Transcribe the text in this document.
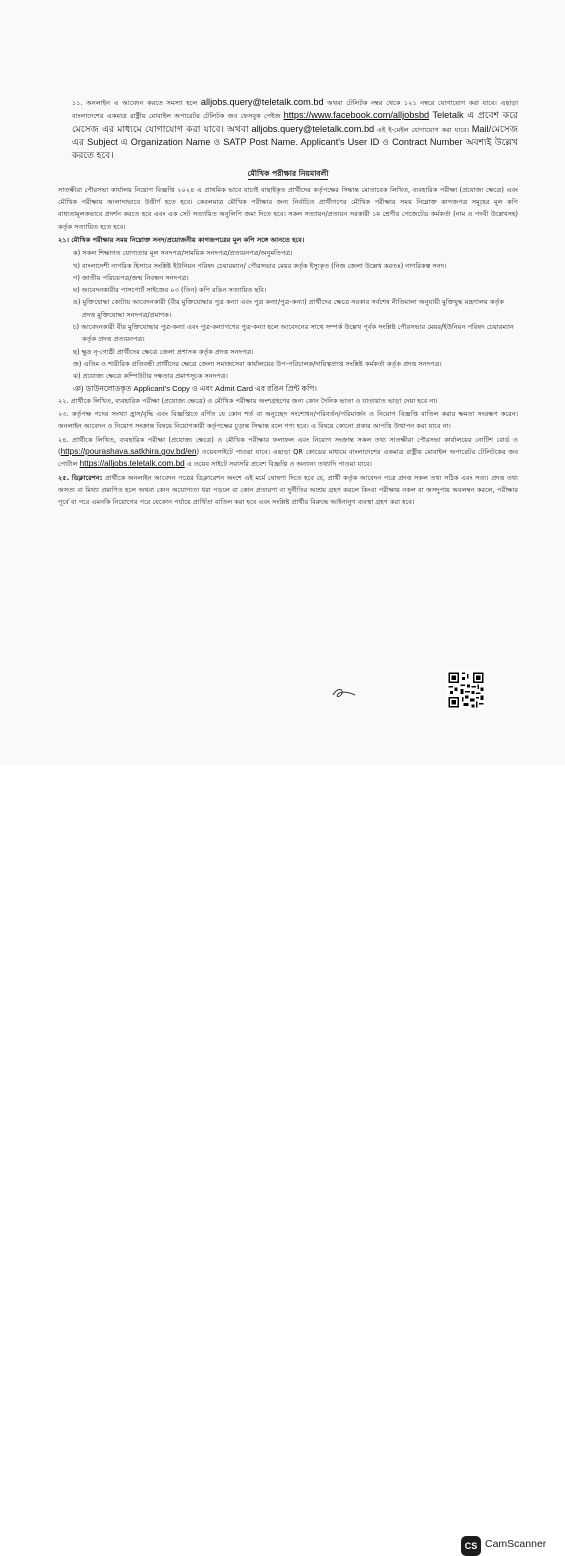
১১. অনলাইন এ আবেদন করতে সমস্যা হলে alljobs.query@teletalk.com.bd অথবা টেলিটক নম্বর থেকে ১২১ নম্বরে যোগাযোগ করা যাবে। এছাড়া বাংলাদেশের একমাত্র রাষ্ট্রীয় মোবাইল অপারেটর টেলিটক জব ফেসবুক পেইজ https://www.facebook.com/alljobsbd Teletalk এ প্রবেশ করে মেসেজ এর মাধ্যমে যোগাযোগ করা যাবে। অথবা alljobs.query@teletalk.com.bd এই ই-মেইল যোগাযোগ করা যাবে। Mail/মেসেজ এর Subject এ Organization Name ও SATP Post Name. Applicant's User ID ও Contract Number অবশ্যই উল্লেখ করতে হবে।

মৌখিক পরীক্ষার নিয়মাবলী

সাতক্ষীরা পৌরসভা কার্যালয় নিয়োগ বিজ্ঞপ্তি ২০২৪ এ প্রাথমিক ভাবে যাচাই বাছাইকৃত প্রার্থীদের কর্তৃপক্ষের সিদ্ধান্ত মোতাবেক লিখিত, ব্যবহারিক পরীক্ষা (প্রযোজ্য ক্ষেত্রে) এবং মৌখিক পরীক্ষায় আলাদাভাবে উত্তীর্ণ হতে হবে। কেবলমাত্র মৌখিক পরীক্ষার জন্য নির্বাচিত প্রার্থীগণের মৌখিক পরীক্ষার সময় নিম্নোক্ত কাগজপত্র সমূহের মূল কপি বাধ্যতামূলকভাবে প্রদর্শন করতে হবে এবং এক সেট সত্যায়িত অনুলিপি জমা দিতে হবে। সকল সত্যায়ন/প্রত্যয়ন সরকারী ১ম শ্রেণীর গেজেটেড কর্মকর্তা (নাম ও পদবী উল্লেখসহ) কর্তৃক সত্যায়িত হতে হবে।

২১। মৌখিক পরীক্ষার সময় নিম্নোক্ত সনদ/প্রয়োজনীয় কাগজপত্রের মূল কপি সঙ্গে আনতে হবে।

ক) সকল শিক্ষাগত যোগ্যতার মূল সনদপত্র/সাময়িক সনদপত্র/প্রত্যয়নপত্র/অনুমতিপত্র।

খ) বাংলাদেশী নাগরিক হিসাবে সংশ্লিষ্ট ইউনিয়ন পরিষদ চেয়ারম্যান/ পৌরসভার মেয়র কর্তৃক ইস্যুকৃত (নিজ জেলা উল্লেখ করতঃ) নাগরিকত্ব সনদ।

গ) জাতীয় পরিচয়পত্র/জন্ম নিবন্ধন সনদপত্র।

ঘ) আবেদনকারীর পাসপোর্ট সাইজের ০৩ (তিন) কপি রঙিন সত্যায়িত ছবি।

ঙ) মুক্তিযোদ্ধা কোটায় আবেদনকারী (বীর মুক্তিযোদ্ধার পুত্র কন্যা এবং পুত্র কন্যা/পুত্র-কন্যা) প্রার্থীদের ক্ষেত্রে সরকার সর্বশেষ নীতিমালা অনুযায়ী মুক্তিযুদ্ধ মন্ত্রণালয় কর্তৃক প্রদত্ত মুক্তিযোদ্ধা সনদপত্র/প্রমাণক।

চ) আবেদনকারী বীর মুক্তিযোদ্ধার পুত্র-কন্যা এবং পুত্র-কন্যাগণের পুত্র-কন্যা হলে আবেদনের সাথে সম্পর্ক উল্লেখ পূর্বক সংশ্লিষ্ট পৌরসভার মেয়র/ইউনিয়ন পরিষদ চেয়ারম্যান কর্তৃক প্রদত্ত প্রত্যয়নপত্র।

ছ) ক্ষুদ্র নৃ-গোষ্ঠী প্রার্থীদের ক্ষেত্রে জেলা প্রশাসক কর্তৃক প্রদত্ত সনদপত্র।

জ) এতিম ও শারীরিক প্রতিবন্ধী প্রার্থীদের ক্ষেত্রে জেলা সমাজসেবা কার্যালয়ের উপ-পরিচালক/দায়িত্বপ্রাপ্ত সংশ্লিষ্ট কর্মকর্তা কর্তৃক প্রদত্ত সনদপত্র।

ঝ) প্রযোজ্য ক্ষেত্রে কম্পিউটার দক্ষতার প্রমাণসূচক সনদপত্র।

ঞ) ডাউনলোডকৃত Applicant's Copy ও এবং Admit Card এর রঙিন প্রিন্ট কপি।

২২. প্রার্থীকে লিখিত, ব্যবহারিক পরীক্ষা (প্রযোজ্য ক্ষেত্রে) ও মৌখিক পরীক্ষায় অংশগ্রহণের জন্য কোন দৈনিক ভাতা ও যাতায়াত ভাড়া দেয়া হবে না।

২৩. কর্তৃপক্ষ পদের সংখ্যা হ্রাস/বৃদ্ধি এবং বিজ্ঞপ্তিতে বর্ণিত যে কোন শর্ত বা অনুচ্ছেদ সংশোধন/পরিবর্তন/পরিমার্জন ও নিয়োগ বিজ্ঞপ্তি বাতিল করার ক্ষমতা সংরক্ষণ করেন। অনলাইন আবেদন ও নিয়োগ সংক্রান্ত বিষয়ে নিয়োগকারী কর্তৃপক্ষের চূড়ান্ত সিদ্ধান্ত বলে গণ্য হবে। এ বিষয়ে কোনো প্রকার আপত্তি উত্থাপন করা যাবে না।

২৪. প্রার্থীকে লিখিত, ব্যবহারিক পরীক্ষা (প্রযোজ্য ক্ষেত্রে) ও মৌখিক পরীক্ষার ফলাফল এবং নিয়োগ সংক্রান্ত সকল তথ্য সাতক্ষীরা পৌরসভা কার্যালয়ের নোটিশ বোর্ড ও (https://pourashava.satkhira.gov.bd/en) ওয়েবসাইটে পাওয়া যাবে। এছাড়া QR কোডের মাধ্যমে বাংলাদেশের একমাত্র রাষ্ট্রীয় মোবাইল অপারেটর টেলিটকের জব পোর্টাল https://alljobs.teletalk.com.bd এ ওয়েব সাইটে সরাসরি প্রবেশ বিজ্ঞপ্তি ও অন্যান্য তথ্যাদি পাওয়া যাবে।

২৫. ডিক্লারেশন: প্রার্থীকে অনলাইন আবেদন পত্রের ডিক্লারেশন অংশে এই মর্মে ঘোষণা দিতে হবে যে, প্রার্থী কর্তৃক আবেদন পত্রে প্রদত্ত সকল তথ্য সঠিক এবং সত্য। প্রদত্ত তথ্য অসত্য বা মিথ্যা প্রমাণিত হলে অথবা কোন অযোগ্যতা ধরা পড়লে বা কোন প্রতারণা বা দুর্নীতির আশ্রয় গ্রহণ করলে কিংবা পরীক্ষায় নকল বা অসদুপায় অবলম্বন করলে, পরীক্ষার পূর্বে বা পরে এমনকি নিয়োগের পরে যেকোন পর্যায়ে প্রার্থিতা বাতিল করা হবে এবং সংশ্লিষ্ট প্রার্থীর বিরুদ্ধে আইনানুগ ব্যবস্থা গ্রহণ করা হবে।

CS CamScanner
